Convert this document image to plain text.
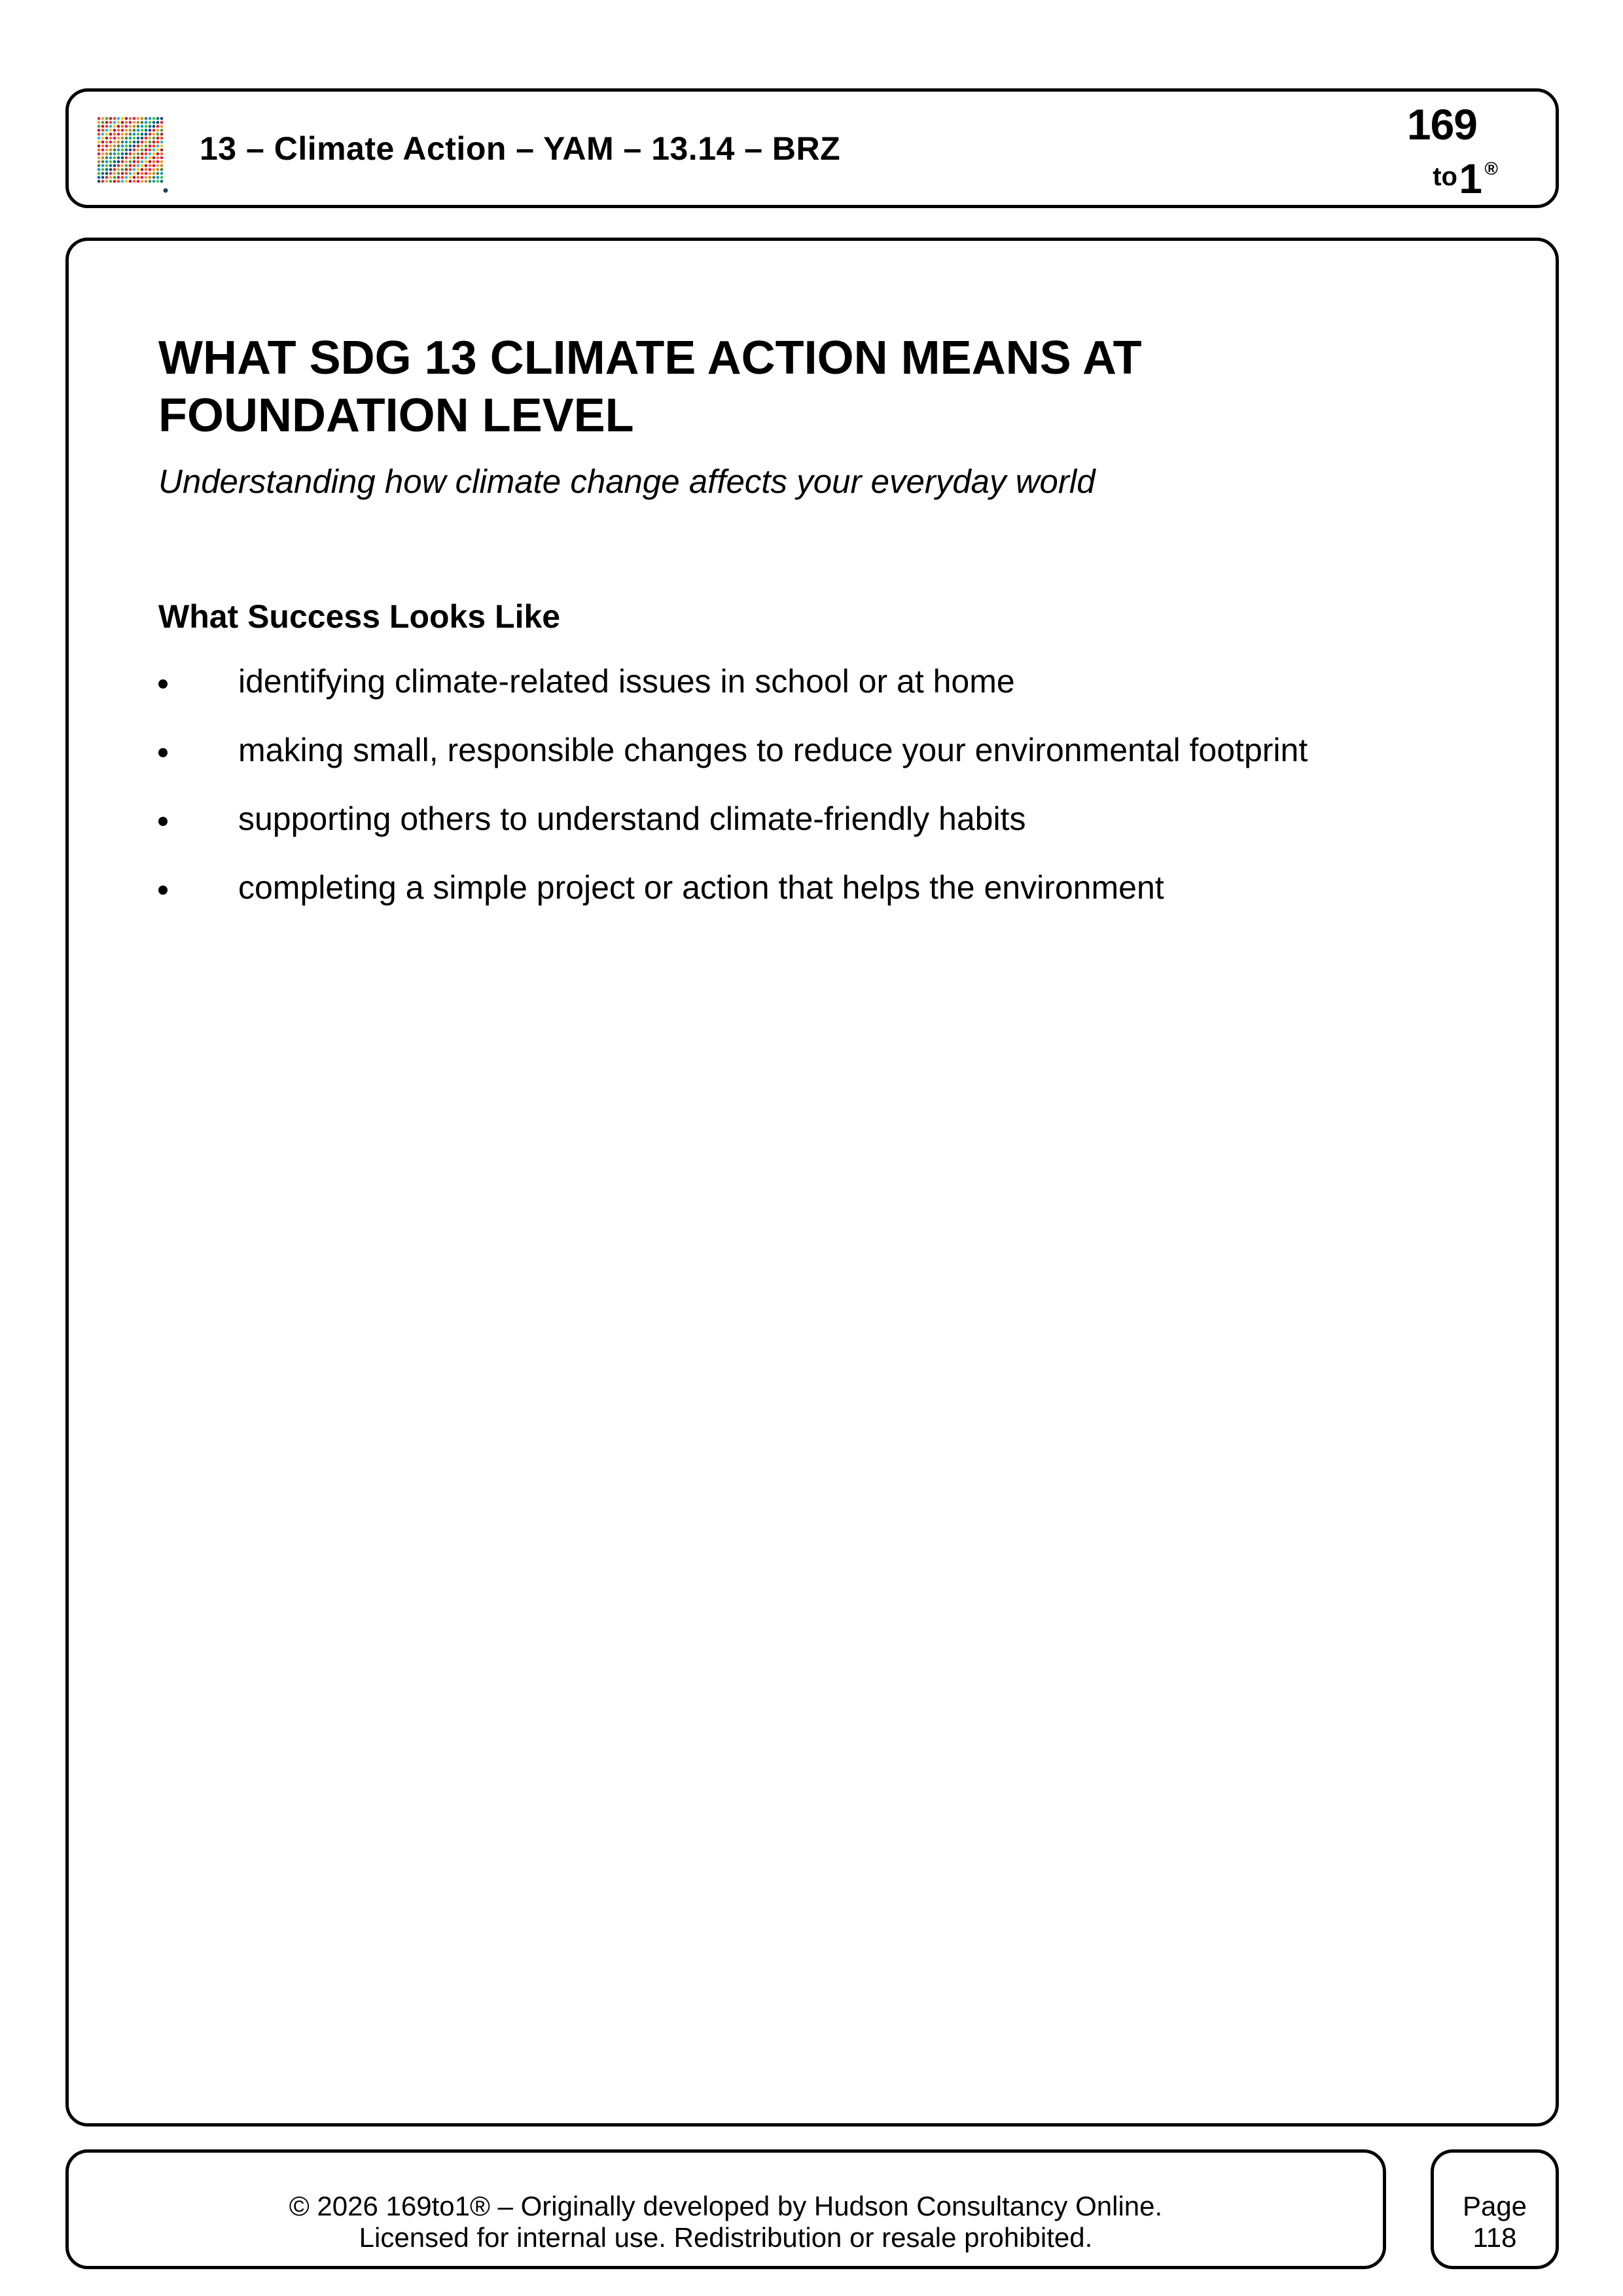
13 – Climate Action – YAM – 13.14 – BRZ	169
to 1 ®
WHAT SDG 13 CLIMATE ACTION MEANS AT FOUNDATION LEVEL

Understanding how climate change affects your everyday world

What Success Looks Like
identifying climate-related issues in school or at home
making small, responsible changes to reduce your environmental footprint
supporting others to understand climate-friendly habits
completing a simple project or action that helps the environment
© 2026 169to1® – Originally developed by Hudson Consultancy Online.
Licensed for internal use. Redistribution or resale prohibited.
Page
118
